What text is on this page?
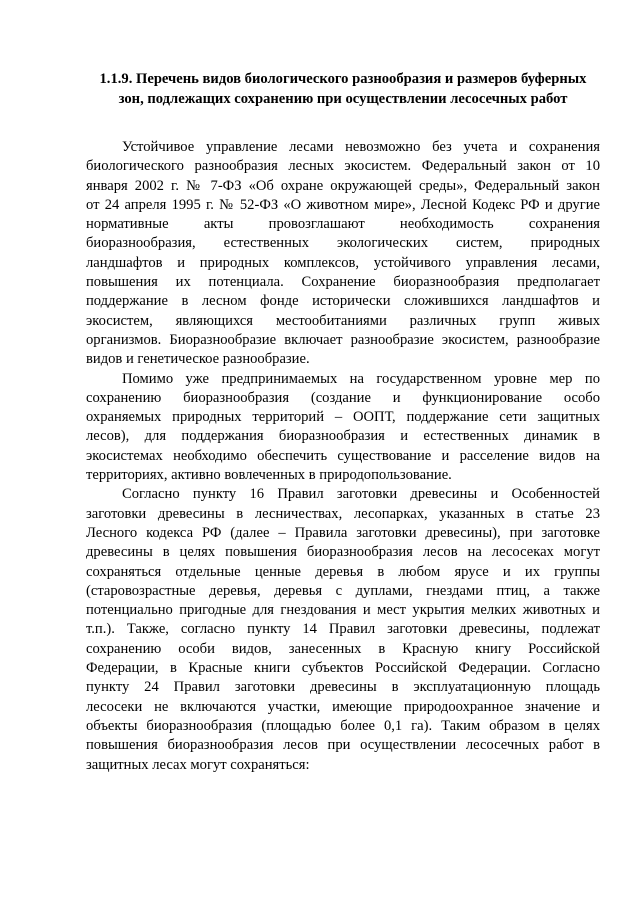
1.1.9. Перечень видов биологического разнообразия и размеров буферных
зон, подлежащих сохранению при осуществлении лесосечных работ
Устойчивое управление лесами невозможно без учета и сохранения
биологического разнообразия лесных экосистем. Федеральный закон от 10
января 2002 г. № 7-ФЗ «Об охране окружающей среды», Федеральный закон
от 24 апреля 1995 г. № 52-ФЗ «О животном мире», Лесной Кодекс РФ и другие
нормативные акты провозглашают необходимость сохранения
биоразнообразия, естественных экологических систем, природных
ландшафтов и природных комплексов, устойчивого управления лесами,
повышения их потенциала. Сохранение биоразнообразия предполагает
поддержание в лесном фонде исторически сложившихся ландшафтов и
экосистем, являющихся местообитаниями различных групп живых
организмов. Биоразнообразие включает разнообразие экосистем, разнообразие
видов и генетическое разнообразие.
Помимо уже предпринимаемых на государственном уровне мер по
сохранению биоразнообразия (создание и функционирование особо
охраняемых природных территорий – ООПТ, поддержание сети защитных
лесов), для поддержания биоразнообразия и естественных динамик в
экосистемах необходимо обеспечить существование и расселение видов на
территориях, активно вовлеченных в природопользование.
Согласно пункту 16 Правил заготовки древесины и Особенностей
заготовки древесины в лесничествах, лесопарках, указанных в статье 23
Лесного кодекса РФ (далее – Правила заготовки древесины), при заготовке
древесины в целях повышения биоразнообразия лесов на лесосеках могут
сохраняться отдельные ценные деревья в любом ярусе и их группы
(старовозрастные деревья, деревья с дуплами, гнездами птиц, а также
потенциально пригодные для гнездования и мест укрытия мелких животных и
т.п.). Также, согласно пункту 14 Правил заготовки древесины, подлежат
сохранению особи видов, занесенных в Красную книгу Российской
Федерации, в Красные книги субъектов Российской Федерации. Согласно
пункту 24 Правил заготовки древесины в эксплуатационную площадь
лесосеки не включаются участки, имеющие природоохранное значение и
объекты биоразнообразия (площадью более 0,1 га). Таким образом в целях
повышения биоразнообразия лесов при осуществлении лесосечных работ в
защитных лесах могут сохраняться:
